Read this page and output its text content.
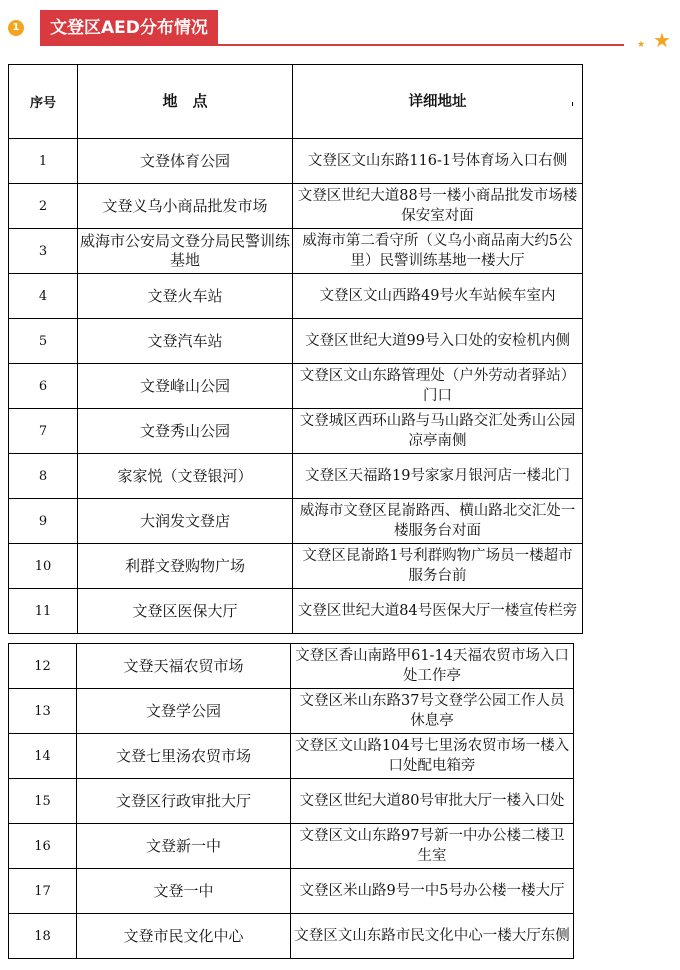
1	文登区AED分布情况
★ ★
序号	地　点	详细地址
1	文登体育公园	文登区文山东路116-1号体育场入口右侧
2	文登义乌小商品批发市场	文登区世纪大道88号一楼小商品批发市场楼保安室对面
3	威海市公安局文登分局民警训练基地	威海市第二看守所（义乌小商品南大约5公里）民警训练基地一楼大厅
4	文登火车站	文登区文山西路49号火车站候车室内
5	文登汽车站	文登区世纪大道99号入口处的安检机内侧
6	文登峰山公园	文登区文山东路管理处（户外劳动者驿站）门口
7	文登秀山公园	文登城区西环山路与马山路交汇处秀山公园凉亭南侧
8	家家悦（文登银河）	文登区天福路19号家家月银河店一楼北门
9	大润发文登店	威海市文登区昆嵛路西、横山路北交汇处一楼服务台对面
10	利群文登购物广场	文登区昆嵛路1号利群购物广场员一楼超市服务台前
11	文登区医保大厅	文登区世纪大道84号医保大厅一楼宣传栏旁
12	文登天福农贸市场	文登区香山南路甲61-14天福农贸市场入口处工作亭
13	文登学公园	文登区米山东路37号文登学公园工作人员休息亭
14	文登七里汤农贸市场	文登区文山路104号七里汤农贸市场一楼入口处配电箱旁
15	文登区行政审批大厅	文登区世纪大道80号审批大厅一楼入口处
16	文登新一中	文登区文山东路97号新一中办公楼二楼卫生室
17	文登一中	文登区米山路9号一中5号办公楼一楼大厅
18	文登市民文化中心	文登区文山东路市民文化中心一楼大厅东侧
